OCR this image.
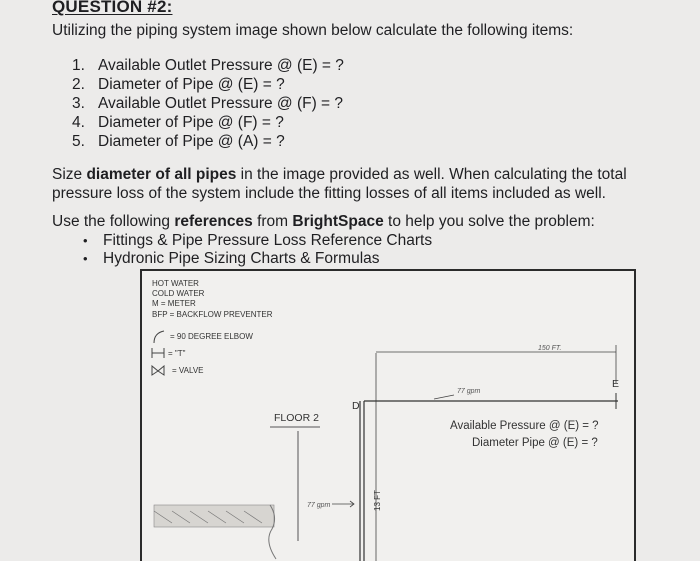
QUESTION #2:
Utilizing the piping system image shown below calculate the following items:
1. Available Outlet Pressure @ (E) = ?
2. Diameter of Pipe @ (E) = ?
3. Available Outlet Pressure @ (F) = ?
4. Diameter of Pipe @ (F) = ?
5. Diameter of Pipe @ (A) = ?
Size diameter of all pipes in the image provided as well. When calculating the total pressure loss of the system include the fitting losses of all items included as well.
Use the following references from BrightSpace to help you solve the problem:
• Fittings & Pipe Pressure Loss Reference Charts
• Hydronic Pipe Sizing Charts & Formulas
HOT WATER
COLD WATER
M = METER
BFP = BACKFLOW PREVENTER
= 90 DEGREE ELBOW
= "T"
= VALVE
FLOOR 2
D
13 FT
150 FT.
E
77 gpm
77 gpm
Available Pressure @ (E) = ?
Diameter Pipe @ (E) = ?
